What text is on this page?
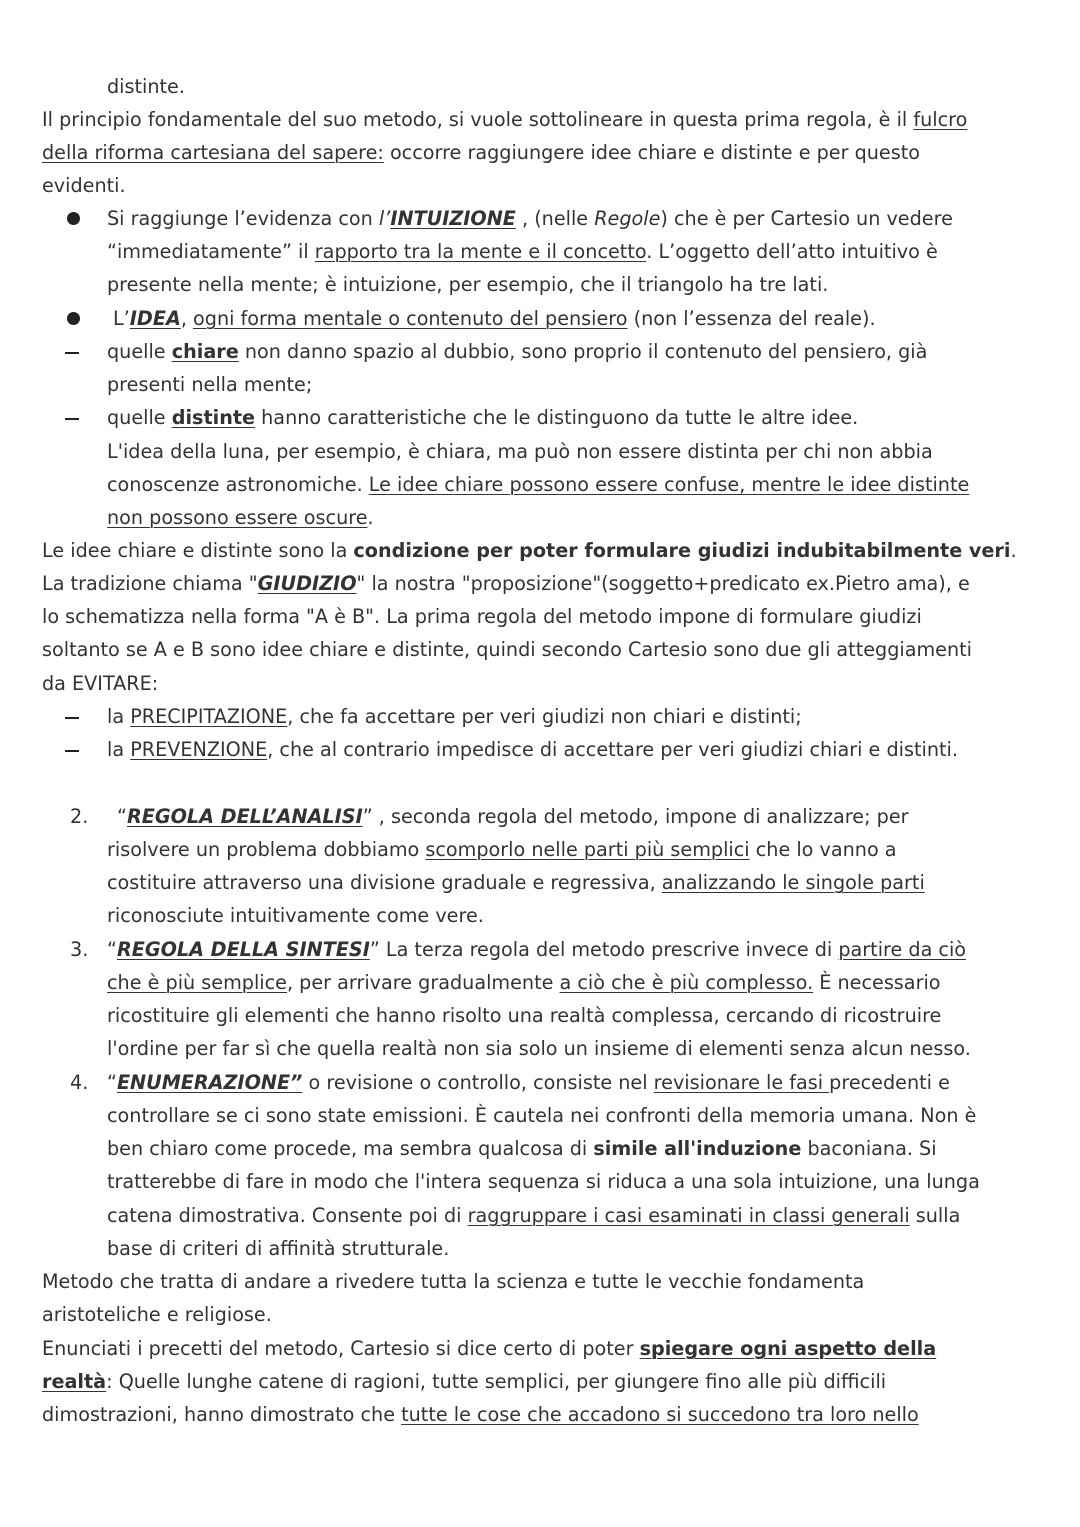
distinte.

Il principio fondamentale del suo metodo, si vuole sottolineare in questa prima regola, è il fulcro

della riforma cartesiana del sapere: occorre raggiungere idee chiare e distinte e per questo

evidenti.

Si raggiunge l’evidenza con l’INTUIZIONE , (nelle Regole) che è per Cartesio un vedere

“immediatamente” il rapporto tra la mente e il concetto. L’oggetto dell’atto intuitivo è

presente nella mente; è intuizione, per esempio, che il triangolo ha tre lati.

L’IDEA, ogni forma mentale o contenuto del pensiero (non l’essenza del reale).

quelle chiare non danno spazio al dubbio, sono proprio il contenuto del pensiero, già

presenti nella mente;

quelle distinte hanno caratteristiche che le distinguono da tutte le altre idee.

L'idea della luna, per esempio, è chiara, ma può non essere distinta per chi non abbia

conoscenze astronomiche. Le idee chiare possono essere confuse, mentre le idee distinte

non possono essere oscure.

Le idee chiare e distinte sono la condizione per poter formulare giudizi indubitabilmente veri.

La tradizione chiama "GIUDIZIO" la nostra "proposizione"(soggetto+predicato ex.Pietro ama), e

lo schematizza nella forma "A è B". La prima regola del metodo impone di formulare giudizi

soltanto se A e B sono idee chiare e distinte, quindi secondo Cartesio sono due gli atteggiamenti

da EVITARE:

la PRECIPITAZIONE, che fa accettare per veri giudizi non chiari e distinti;

la PREVENZIONE, che al contrario impedisce di accettare per veri giudizi chiari e distinti.

2. “REGOLA DELL’ANALISI” , seconda regola del metodo, impone di analizzare; per

risolvere un problema dobbiamo scomporlo nelle parti più semplici che lo vanno a

costituire attraverso una divisione graduale e regressiva, analizzando le singole parti

riconosciute intuitivamente come vere.

3. “REGOLA DELLA SINTESI” La terza regola del metodo prescrive invece di partire da ciò

che è più semplice, per arrivare gradualmente a ciò che è più complesso. È necessario

ricostituire gli elementi che hanno risolto una realtà complessa, cercando di ricostruire

l'ordine per far sì che quella realtà non sia solo un insieme di elementi senza alcun nesso.

4. “ENUMERAZIONE” o revisione o controllo, consiste nel revisionare le fasi precedenti e

controllare se ci sono state emissioni. È cautela nei confronti della memoria umana. Non è

ben chiaro come procede, ma sembra qualcosa di simile all'induzione baconiana. Si

tratterebbe di fare in modo che l'intera sequenza si riduca a una sola intuizione, una lunga

catena dimostrativa. Consente poi di raggruppare i casi esaminati in classi generali sulla

base di criteri di affinità strutturale.

Metodo che tratta di andare a rivedere tutta la scienza e tutte le vecchie fondamenta

aristoteliche e religiose.

Enunciati i precetti del metodo, Cartesio si dice certo di poter spiegare ogni aspetto della

realtà: Quelle lunghe catene di ragioni, tutte semplici, per giungere fino alle più difficili

dimostrazioni, hanno dimostrato che tutte le cose che accadono si succedono tra loro nello
